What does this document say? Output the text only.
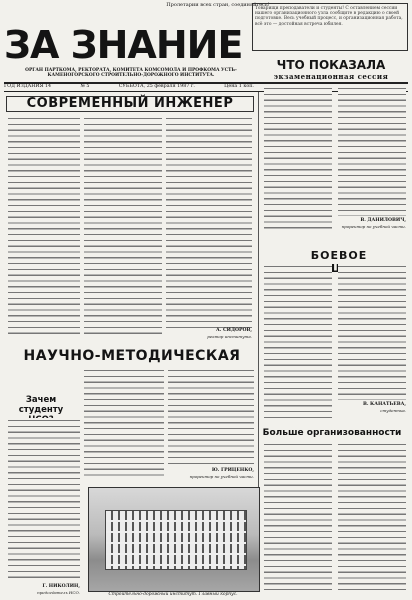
Пролетарии всех стран, соединяйтесь!
ЗА ЗНАНИЕ
ОРГАН ПАРТКОМА, РЕКТОРАТА, КОМИТЕТА КОМСОМОЛА И ПРОФКОМА УСТЬ-КАМЕНОГОРСКОГО СТРОИТЕЛЬНО-ДОРОЖНОГО ИНСТИТУТА.
ГОД ИЗДАНИЯ 14	№ 5	СУББОТА, 25 февраля 1987 г.	Цена 1 коп.
Товарищи преподаватели и студенты! С оставлением сессии нашего организационного узла сообщите в редакцию о своей подготовке. Весь учебный процесс, и организационная работа, всё это — достойная встреча юбилея.
ЧТО ПОКАЗАЛА
экзаменационная сессия
СОВРЕМЕННЫЙ ИНЖЕНЕР
А. СИДОРОВ,
ректор института.
В. ДАНИЛОВИЧ,
проректор по учебной части.
БОЕВОЕ
В. КАНАТЬЕВА,
студентка.
Больше организованности
НАУЧНО-МЕТОДИЧЕСКАЯ
Ю. ГРИЦЕНКО,
проректор по учебной части.
Зачем студенту
Г. НИКОЛИН,
председатель НСО.	Строительно-дорожный институт. Главный корпус.
